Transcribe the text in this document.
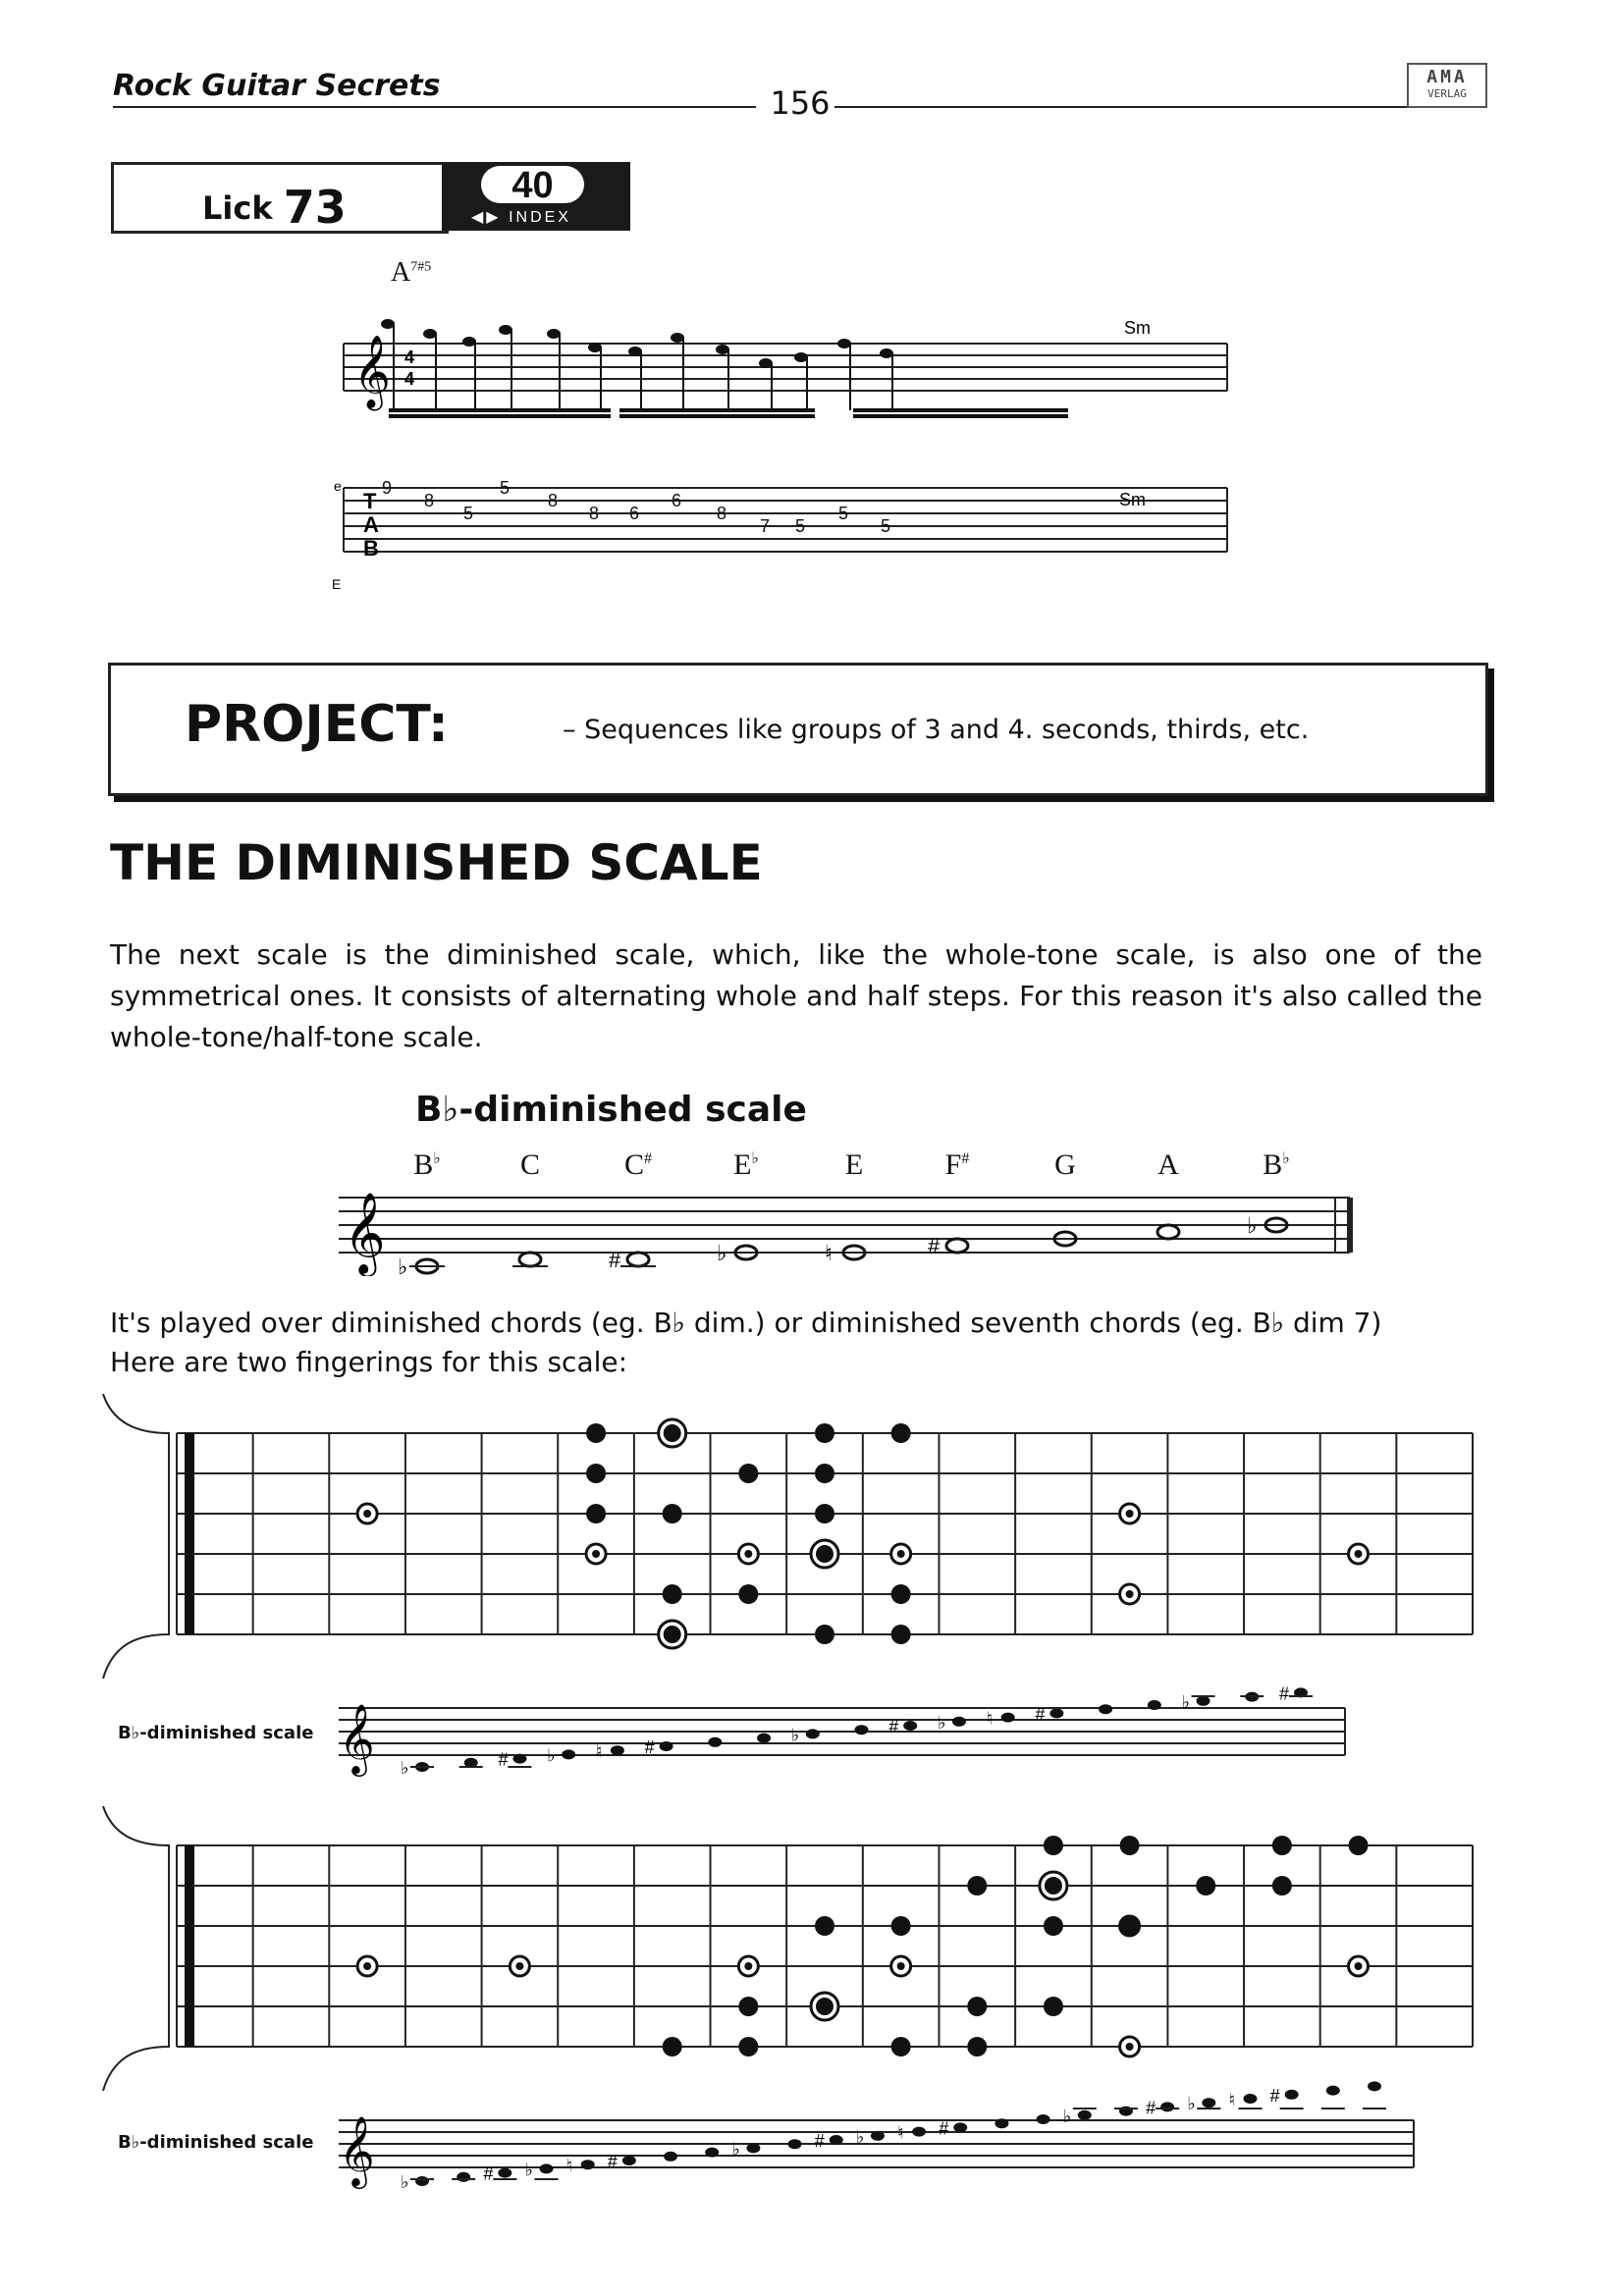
Rock Guitar Secrets	156
AMA
VERLAG
Lick 73	40
◀▶ INDEX
$A^{7\#5}$
𝄞 4
4
Sm
Sm
e
E
T
A
B
9
8
5
5
8
8 6
6
8
7 5
5
5
PROJECT:	– Sequences like groups of 3 and 4. seconds, thirds, etc.
THE DIMINISHED SCALE
The next scale is the diminished scale, which, like the whole-tone scale, is also one of the symmetrical ones. It consists of alternating whole and half steps. For this reason it's also called the whole-tone/half-tone scale.
B♭-diminished scale
B♭	C	C#	E♭	E	F#	G	A	B♭
𝄞 ♭	#	♭	♮	#
♭
It's played over diminished chords (eg. B♭ dim.) or diminished seventh chords (eg. B♭ dim 7)
Here are two fingerings for this scale:
B♭-diminished scale 𝄞 ♭	# ♭ ♮ #
♭	# ♭ ♮ #
♭	#
B♭-diminished scale 𝄞 ♭	# ♭ ♮ #
♭	# ♭ ♮ #
♭	# ♭ ♮ #
